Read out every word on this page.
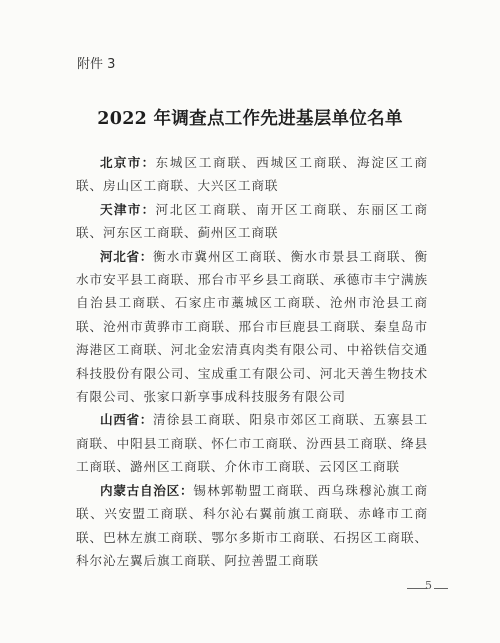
附件 3
2022 年调查点工作先进基层单位名单

北京市：东城区工商联、西城区工商联、海淀区工商联、房山区工商联、大兴区工商联

天津市：河北区工商联、南开区工商联、东丽区工商联、河东区工商联、蓟州区工商联

河北省：衡水市冀州区工商联、衡水市景县工商联、衡水市安平县工商联、邢台市平乡县工商联、承德市丰宁满族自治县工商联、石家庄市藁城区工商联、沧州市沧县工商联、沧州市黄骅市工商联、邢台市巨鹿县工商联、秦皇岛市海港区工商联、河北金宏清真肉类有限公司、中裕铁信交通科技股份有限公司、宝成重工有限公司、河北天善生物技术有限公司、张家口新享事成科技服务有限公司

山西省：清徐县工商联、阳泉市郊区工商联、五寨县工商联、中阳县工商联、怀仁市工商联、汾西县工商联、绛县工商联、潞州区工商联、介休市工商联、云冈区工商联

内蒙古自治区：锡林郭勒盟工商联、西乌珠穆沁旗工商联、兴安盟工商联、科尔沁右翼前旗工商联、赤峰市工商联、巴林左旗工商联、鄂尔多斯市工商联、石拐区工商联、科尔沁左翼后旗工商联、阿拉善盟工商联

5
